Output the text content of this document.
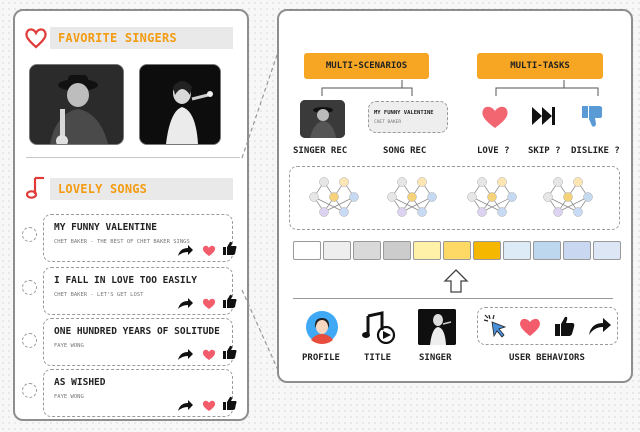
FAVORITE SINGERS
LOVELY SONGS
MY FUNNY VALENTINE
CHET BAKER - THE BEST OF CHET BAKER SINGS
I FALL IN LOVE TOO EASILY
CHET BAKER - LET'S GET LOST
ONE HUNDRED YEARS OF SOLITUDE
FAYE WONG
AS WISHED
FAYE WONG
MULTI-SCENARIOS	MULTI-TASKS
MY FUNNY VALENTINE
CHET BAKER
SINGER REC	SONG REC	LOVE ? SKIP ? DISLIKE ?
PROFILE	TITLE	SINGER	USER BEHAVIORS
